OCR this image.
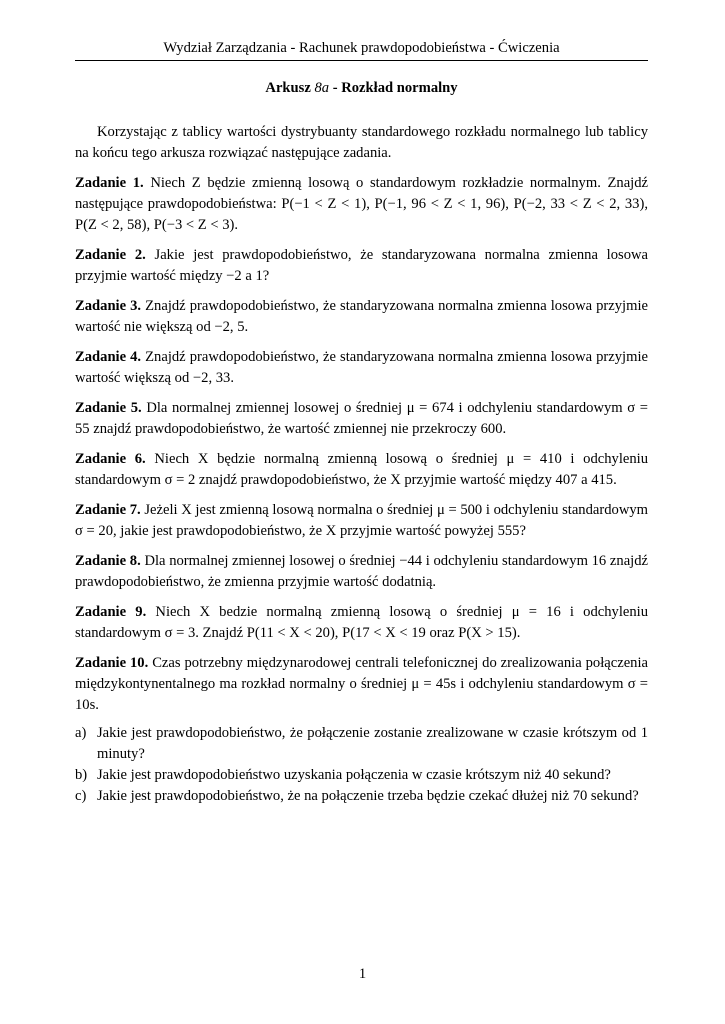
Wydział Zarządzania - Rachunek prawdopodobieństwa - Ćwiczenia
Arkusz 8a - Rozkład normalny

Korzystając z tablicy wartości dystrybuanty standardowego rozkładu normalnego lub tablicy na końcu tego arkusza rozwiązać następujące zadania.

Zadanie 1. Niech Z będzie zmienną losową o standardowym rozkładzie normalnym. Znajdź następujące prawdopodobieństwa: P(−1 < Z < 1), P(−1, 96 < Z < 1, 96), P(−2, 33 < Z < 2, 33), P(Z < 2, 58), P(−3 < Z < 3).

Zadanie 2. Jakie jest prawdopodobieństwo, że standaryzowana normalna zmienna losowa przyjmie wartość między −2 a 1?

Zadanie 3. Znajdź prawdopodobieństwo, że standaryzowana normalna zmienna losowa przyjmie wartość nie większą od −2, 5.

Zadanie 4. Znajdź prawdopodobieństwo, że standaryzowana normalna zmienna losowa przyjmie wartość większą od −2, 33.

Zadanie 5. Dla normalnej zmiennej losowej o średniej μ = 674 i odchyleniu standardowym σ = 55 znajdź prawdopodobieństwo, że wartość zmiennej nie przekroczy 600.

Zadanie 6. Niech X będzie normalną zmienną losową o średniej μ = 410 i odchyleniu standardowym σ = 2 znajdź prawdopodobieństwo, że X przyjmie wartość między 407 a 415.

Zadanie 7. Jeżeli X jest zmienną losową normalna o średniej μ = 500 i odchyleniu standardowym σ = 20, jakie jest prawdopodobieństwo, że X przyjmie wartość powyżej 555?

Zadanie 8. Dla normalnej zmiennej losowej o średniej −44 i odchyleniu standardowym 16 znajdź prawdopodobieństwo, że zmienna przyjmie wartość dodatnią.

Zadanie 9. Niech X bedzie normalną zmienną losową o średniej μ = 16 i odchyleniu standardowym σ = 3. Znajdź P(11 < X < 20), P(17 < X < 19 oraz P(X > 15).

Zadanie 10. Czas potrzebny międzynarodowej centrali telefonicznej do zrealizowania połączenia międzykontynentalnego ma rozkład normalny o średniej μ = 45s i odchyleniu standardowym σ = 10s.

a) Jakie jest prawdopodobieństwo, że połączenie zostanie zrealizowane w czasie krótszym od 1 minuty?
b) Jakie jest prawdopodobieństwo uzyskania połączenia w czasie krótszym niż 40 sekund?
c) Jakie jest prawdopodobieństwo, że na połączenie trzeba będzie czekać dłużej niż 70 sekund?
1
